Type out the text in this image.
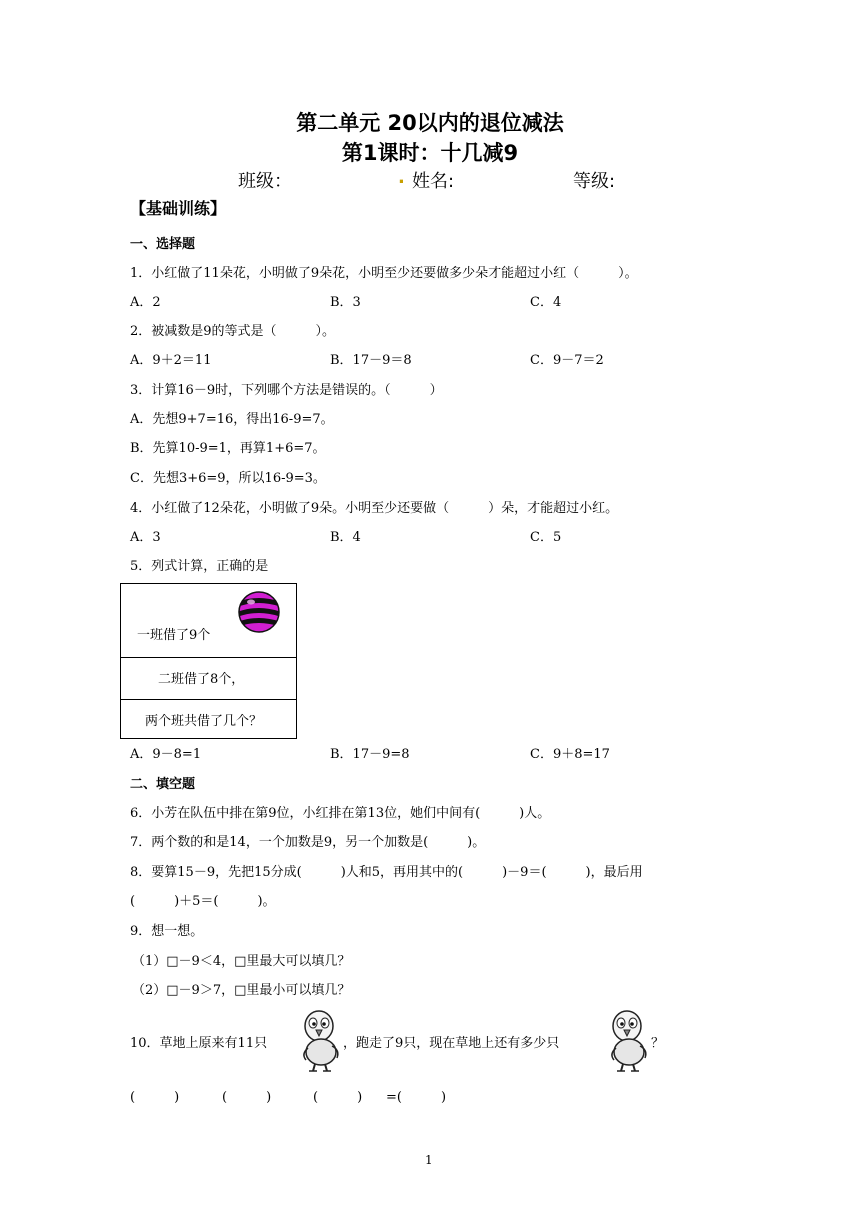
第二单元 20以内的退位减法
第1课时：十几减9
班级：	. 姓名:	等级:
【基础训练】
一、选择题
1．小红做了11朵花，小明做了9朵花，小明至少还要做多少朵才能超过小红（　　　）。
A．2	B．3	C．4
2．被减数是9的等式是（　　　）。
A．9＋2＝11	B．17－9＝8	C．9－7＝2
3．计算16－9时，下列哪个方法是错误的。（　　　）
A．先想9+7=16，得出16-9=7。
B．先算10-9=1，再算1+6=7。
C．先想3+6=9，所以16-9=3。
4．小红做了12朵花，小明做了9朵。小明至少还要做（　　　）朵，才能超过小红。
A．3	B．4	C．5
5．列式计算，正确的是
一班借了9个
二班借了8个，
两个班共借了几个？
A．9－8=1	B．17－9=8	C．9＋8=17
二、填空题
6．小芳在队伍中排在第9位，小红排在第13位，她们中间有(　　　)人。
7．两个数的和是14，一个加数是9，另一个加数是(　　　)。
8．要算15－9，先把15分成(　　　)人和5，再用其中的(　　　)－9＝(　　　)，最后用
(　　　)＋5＝(　　　)。
9．想一想。
（1）□－9＜4，□里最大可以填几？
（2）□－9＞7，□里最小可以填几？
10．草地上原来有11只	，跑走了9只，现在草地上还有多少只	？
(　　　)	(　　　)	(　　　) =(　　　)
1
